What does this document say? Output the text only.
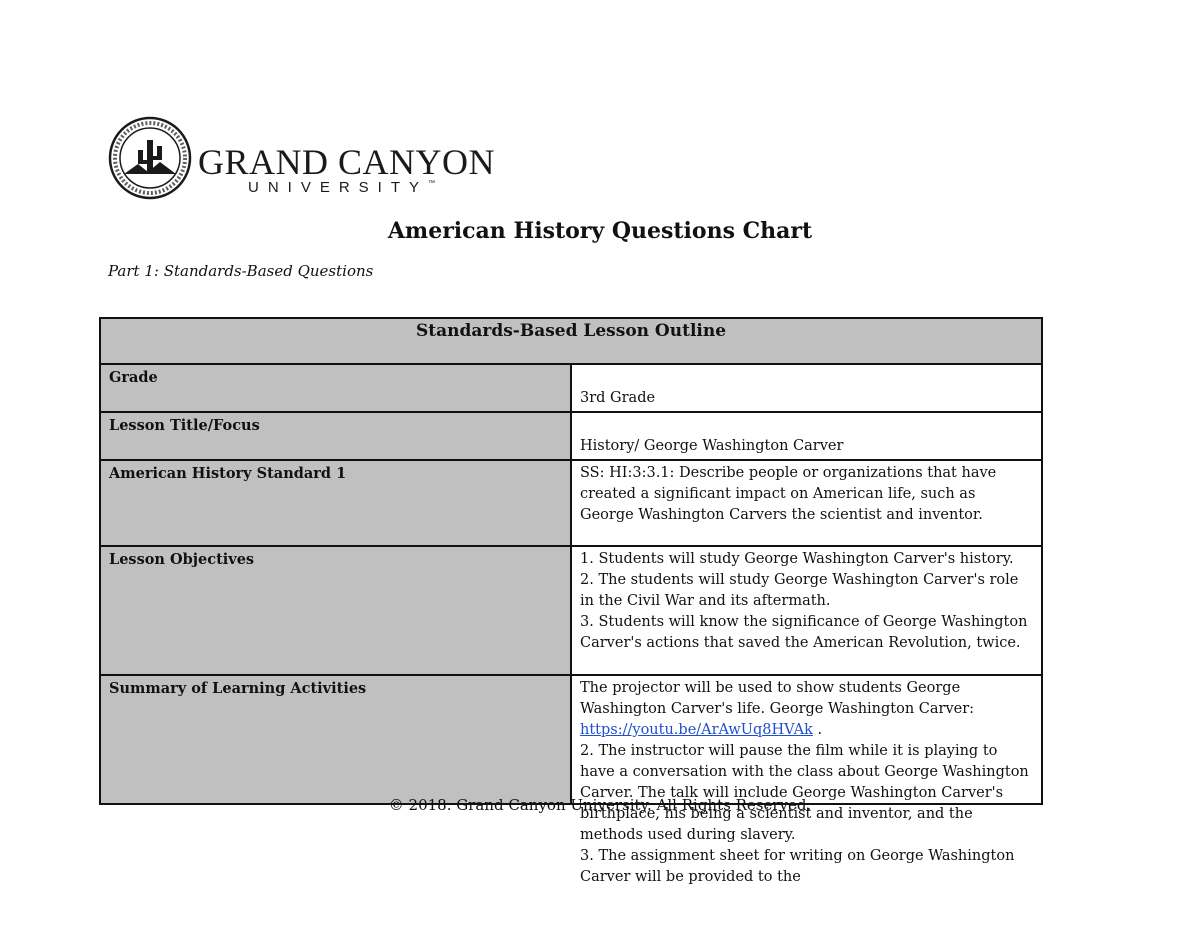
GRAND CANYON
UNIVERSITY™
American History Questions Chart
Part 1: Standards-Based Questions
Standards-Based Lesson Outline	
Grade	3rd Grade

Lesson Title/Focus	History/ George Washington Carver

American History Standard 1	SS: HI:3:3.1: Describe people or organizations that have created a significant impact on American life, such as George Washington Carvers the scientist and inventor.
Lesson Objectives	1. Students will study George Washington Carver's history.
2. The students will study George Washington Carver's role in the Civil War and its aftermath.
3. Students will know the significance of George Washington Carver's actions that saved the American Revolution, twice.

Summary of Learning Activities	The projector will be used to show students George Washington Carver's life. George Washington Carver: https://youtu.be/ArAwUq8HVAk .
2. The instructor will pause the film while it is playing to have a conversation with the class about George Washington Carver. The talk will include George Washington Carver's birthplace, his being a scientist and inventor, and the methods used during slavery.
3. The assignment sheet for writing on George Washington Carver will be provided to the
© 2018. Grand Canyon University. All Rights Reserved.
